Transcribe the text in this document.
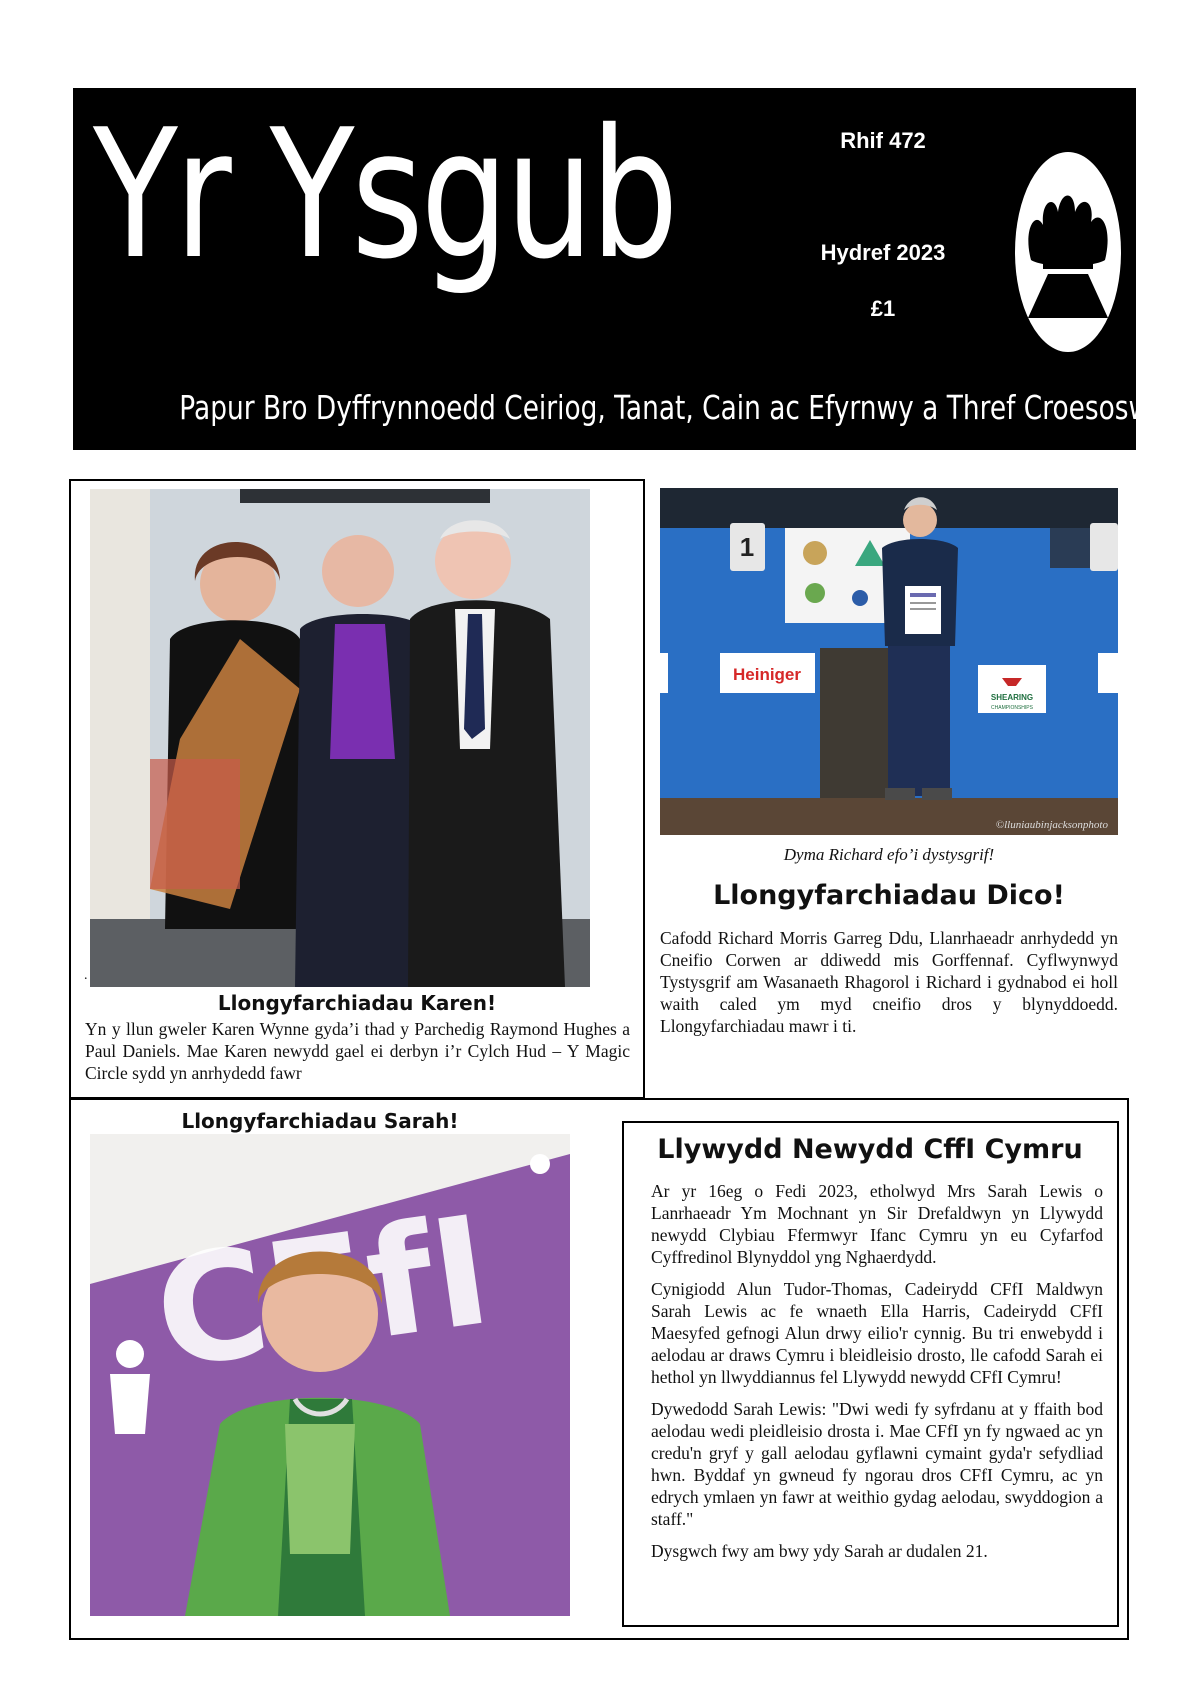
Yr Ysgub	Rhif 472
Hydref 2023
£1
Papur Bro Dyffrynnoedd Ceiriog, Tanat, Cain ac Efyrnwy a Thref Croesoswallt
.
Llongyfarchiadau Karen!

Yn y llun gweler Karen Wynne gyda’i thad y Parchedig Raymond Hughes a Paul Daniels. Mae Karen newydd gael ei derbyn i’r Cylch Hud – Y Magic Circle sydd yn anrhydedd fawr

1
Heiniger
SHEARING
CHAMPIONSHIPS
©lluniaubinjacksonphoto
Dyma Richard efo’i dystysgrif!
Llongyfarchiadau Dico!

Cafodd Richard Morris Garreg Ddu, Llanrhaeadr anrhydedd yn Cneifio Corwen ar ddiwedd mis Gorffennaf. Cyflwynwyd Tystysgrif am Wasanaeth Rhagorol i Richard i gydnabod ei holl waith caled ym myd cneifio dros y blynyddoedd. Llongyfarchiadau mawr i ti.

Llongyfarchiadau Sarah!
Llywydd Newydd CffI Cymru

Ar yr 16eg o Fedi 2023, etholwyd Mrs Sarah Lewis o Lanrhaeadr Ym Mochnant yn Sir Drefaldwyn yn Llywydd newydd Clybiau Ffermwyr Ifanc Cymru yn eu Cyfarfod Cyffredinol Blynyddol yng Nghaerdydd.

Cynigiodd Alun Tudor-Thomas, Cadeirydd CFfI Maldwyn Sarah Lewis ac fe wnaeth Ella Harris, Cadeirydd CFfI Maesyfed gefnogi Alun drwy eilio'r cynnig. Bu tri enwebydd i aelodau ar draws Cymru i bleidleisio drosto, lle cafodd Sarah ei hethol yn llwyddiannus fel Llywydd newydd CFfI Cymru!

Dywedodd Sarah Lewis: "Dwi wedi fy syfrdanu at y ffaith bod aelodau wedi pleidleisio drosta i. Mae CFfI yn fy ngwaed ac yn credu'n gryf y gall aelodau gyflawni cymaint gyda'r sefydliad hwn. Byddaf yn gwneud fy ngorau dros CFfI Cymru, ac yn edrych ymlaen yn fawr at weithio gydag aelodau, swyddogion a staff."

Dysgwch fwy am bwy ydy Sarah ar dudalen 21.
